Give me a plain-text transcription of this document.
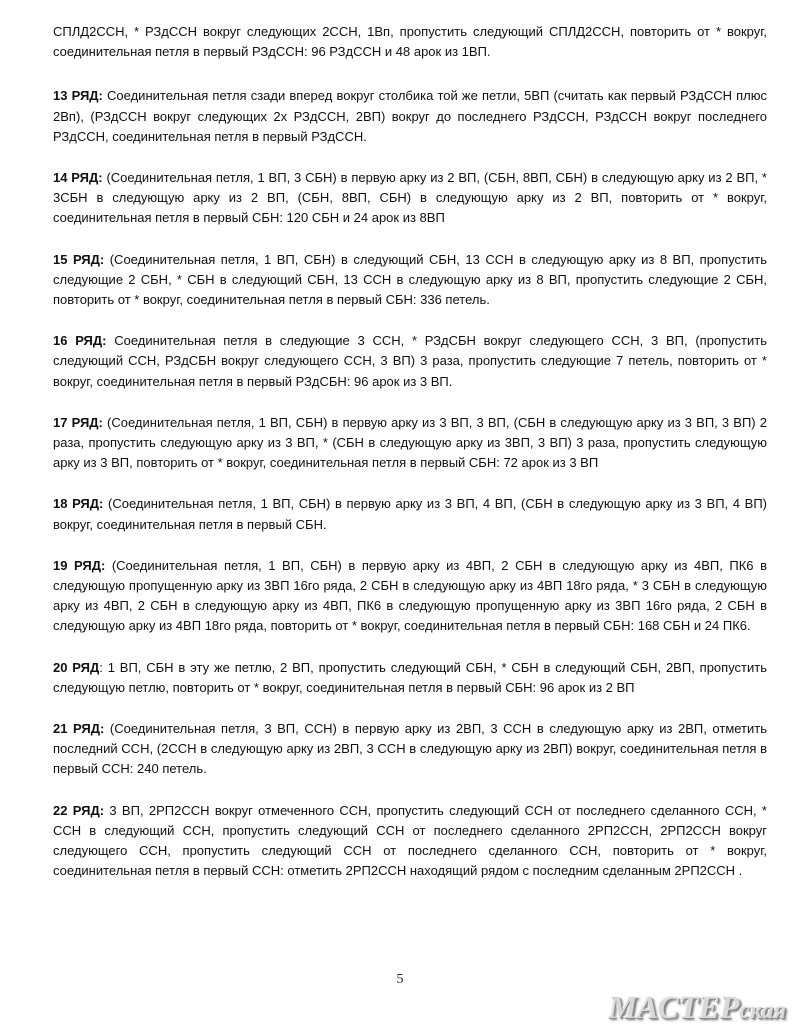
СПЛД2ССН, * РЗдССН вокруг следующих 2ССН, 1Вп, пропустить следующий СПЛД2ССН, повторить от * вокруг, соединительная петля в первый РЗдССН: 96 РЗдССН и 48 арок из 1ВП.

13 РЯД: Соединительная петля сзади вперед вокруг столбика той же петли, 5ВП (считать как первый РЗдССН плюс 2Вп), (РЗдССН вокруг следующих 2х РЗдССН, 2ВП) вокруг до последнего РЗдССН, РЗдССН вокруг последнего РЗдССН, соединительная петля в первый РЗдССН.

14 РЯД: (Соединительная петля, 1 ВП, 3 СБН) в первую арку из 2 ВП, (СБН, 8ВП, СБН) в следующую арку из 2 ВП, * 3СБН в следующую арку из 2 ВП, (СБН, 8ВП, СБН) в следующую арку из 2 ВП, повторить от * вокруг, соединительная петля в первый СБН: 120 СБН и 24 арок из 8ВП

15 РЯД: (Соединительная петля, 1 ВП, СБН) в следующий СБН, 13 ССН в следующую арку из 8 ВП, пропустить следующие 2 СБН, * СБН в следующий СБН, 13 ССН в следующую арку из 8 ВП, пропустить следующие 2 СБН, повторить от * вокруг, соединительная петля в первый СБН: 336 петель.

16 РЯД: Соединительная петля в следующие 3 ССН, * РЗдСБН вокруг следующего ССН, 3 ВП, (пропустить следующий ССН, РЗдСБН вокруг следующего ССН, 3 ВП) 3 раза, пропустить следующие 7 петель, повторить от * вокруг, соединительная петля в первый РЗдСБН: 96 арок из 3 ВП.

17 РЯД: (Соединительная петля, 1 ВП, СБН) в первую арку из 3 ВП, 3 ВП, (СБН в следующую арку из 3 ВП, 3 ВП) 2 раза, пропустить следующую арку из 3 ВП, * (СБН в следующую арку из 3ВП, 3 ВП) 3 раза, пропустить следующую арку из 3 ВП, повторить от * вокруг, соединительная петля в первый СБН: 72 арок из 3 ВП

18 РЯД: (Соединительная петля, 1 ВП, СБН) в первую арку из 3 ВП, 4 ВП, (СБН в следующую арку из 3 ВП, 4 ВП) вокруг, соединительная петля в первый СБН.

19 РЯД: (Соединительная петля, 1 ВП, СБН) в первую арку из 4ВП, 2 СБН в следующую арку из 4ВП, ПК6 в следующую пропущенную арку из 3ВП 16го ряда, 2 СБН в следующую арку из 4ВП 18го ряда, * 3 СБН в следующую арку из 4ВП, 2 СБН в следующую арку из 4ВП, ПК6 в следующую пропущенную арку из 3ВП 16го ряда, 2 СБН в следующую арку из 4ВП 18го ряда, повторить от * вокруг, соединительная петля в первый СБН: 168 СБН и 24 ПК6.

20 РЯД: 1 ВП, СБН в эту же петлю, 2 ВП, пропустить следующий СБН, * СБН в следующий СБН, 2ВП, пропустить следующую петлю, повторить от * вокруг, соединительная петля в первый СБН: 96 арок из 2 ВП

21 РЯД: (Соединительная петля, 3 ВП, ССН) в первую арку из 2ВП, 3 ССН в следующую арку из 2ВП, отметить последний ССН, (2ССН в следующую арку из 2ВП, 3 ССН в следующую арку из 2ВП) вокруг, соединительная петля в первый ССН: 240 петель.

22 РЯД: 3 ВП, 2РП2ССН вокруг отмеченного ССН, пропустить следующий ССН от последнего сделанного ССН, * ССН в следующий ССН, пропустить следующий ССН от последнего сделанного 2РП2ССН, 2РП2ССН вокруг следующего ССН, пропустить следующий ССН от последнего сделанного ССН, повторить от * вокруг, соединительная петля в первый ССН: отметить 2РП2ССН находящий рядом с последним сделанным 2РП2ССН .

5
МАСТЕРская
